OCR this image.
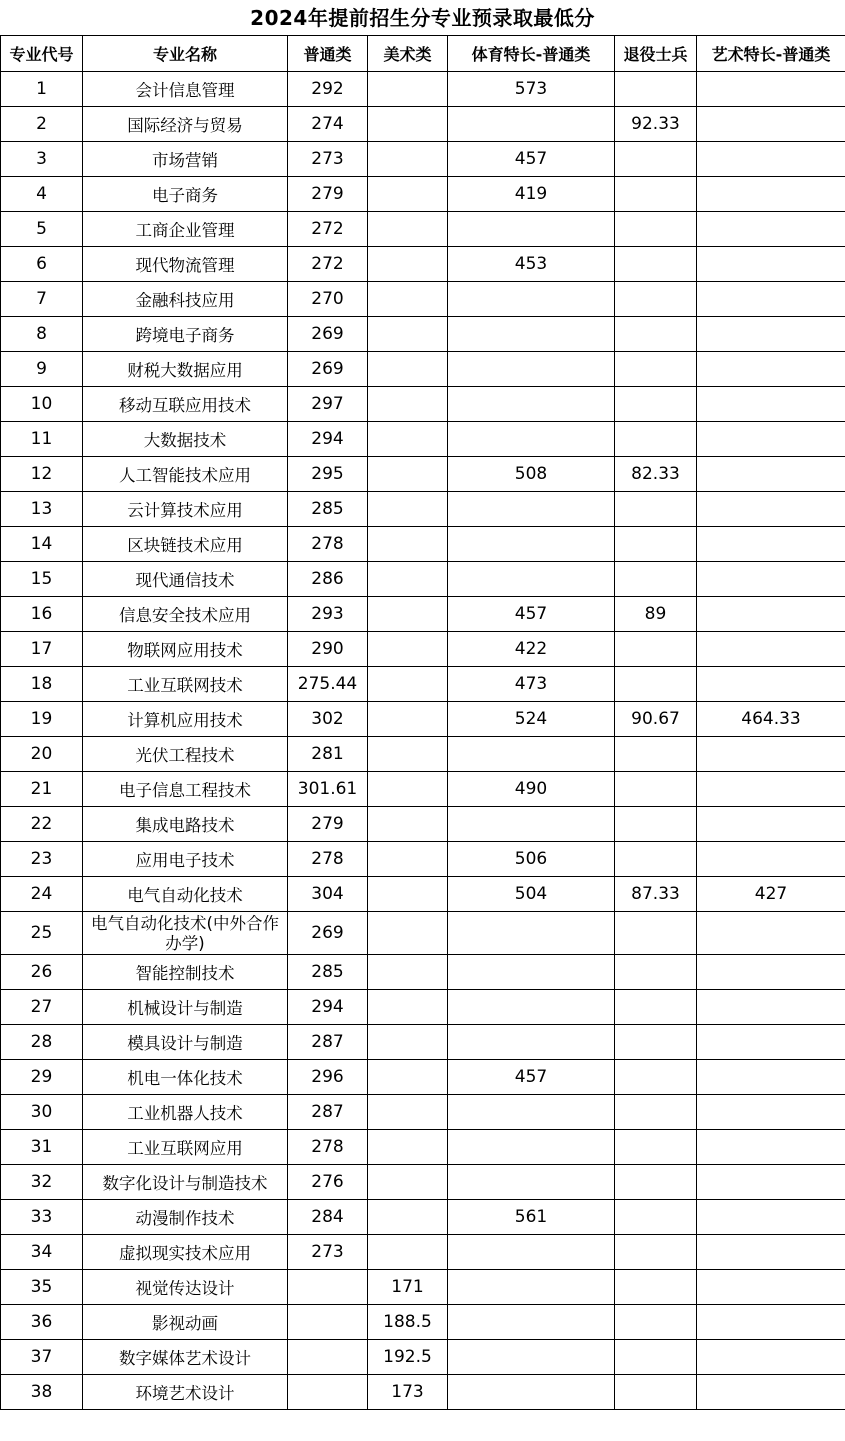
2024年提前招生分专业预录取最低分
专业代号	专业名称	普通类	美术类	体育特长-普通类	退役士兵	艺术特长-普通类
1	会计信息管理	292		573		
2	国际经济与贸易	274			92.33	
3	市场营销	273		457		
4	电子商务	279		419		
5	工商企业管理	272				
6	现代物流管理	272		453		
7	金融科技应用	270				
8	跨境电子商务	269				
9	财税大数据应用	269				
10	移动互联应用技术	297				
11	大数据技术	294				
12	人工智能技术应用	295		508	82.33	
13	云计算技术应用	285				
14	区块链技术应用	278				
15	现代通信技术	286				
16	信息安全技术应用	293		457	89	
17	物联网应用技术	290		422		
18	工业互联网技术	275.44		473		
19	计算机应用技术	302		524	90.67	464.33
20	光伏工程技术	281				
21	电子信息工程技术	301.61		490		
22	集成电路技术	279				
23	应用电子技术	278		506		
24	电气自动化技术	304		504	87.33	427
25	电气自动化技术(中外合作办学)	269				
26	智能控制技术	285				
27	机械设计与制造	294				
28	模具设计与制造	287				
29	机电一体化技术	296		457		
30	工业机器人技术	287				
31	工业互联网应用	278				
32	数字化设计与制造技术	276				
33	动漫制作技术	284		561		
34	虚拟现实技术应用	273				
35	视觉传达设计		171			
36	影视动画		188.5			
37	数字媒体艺术设计		192.5			
38	环境艺术设计		173			
